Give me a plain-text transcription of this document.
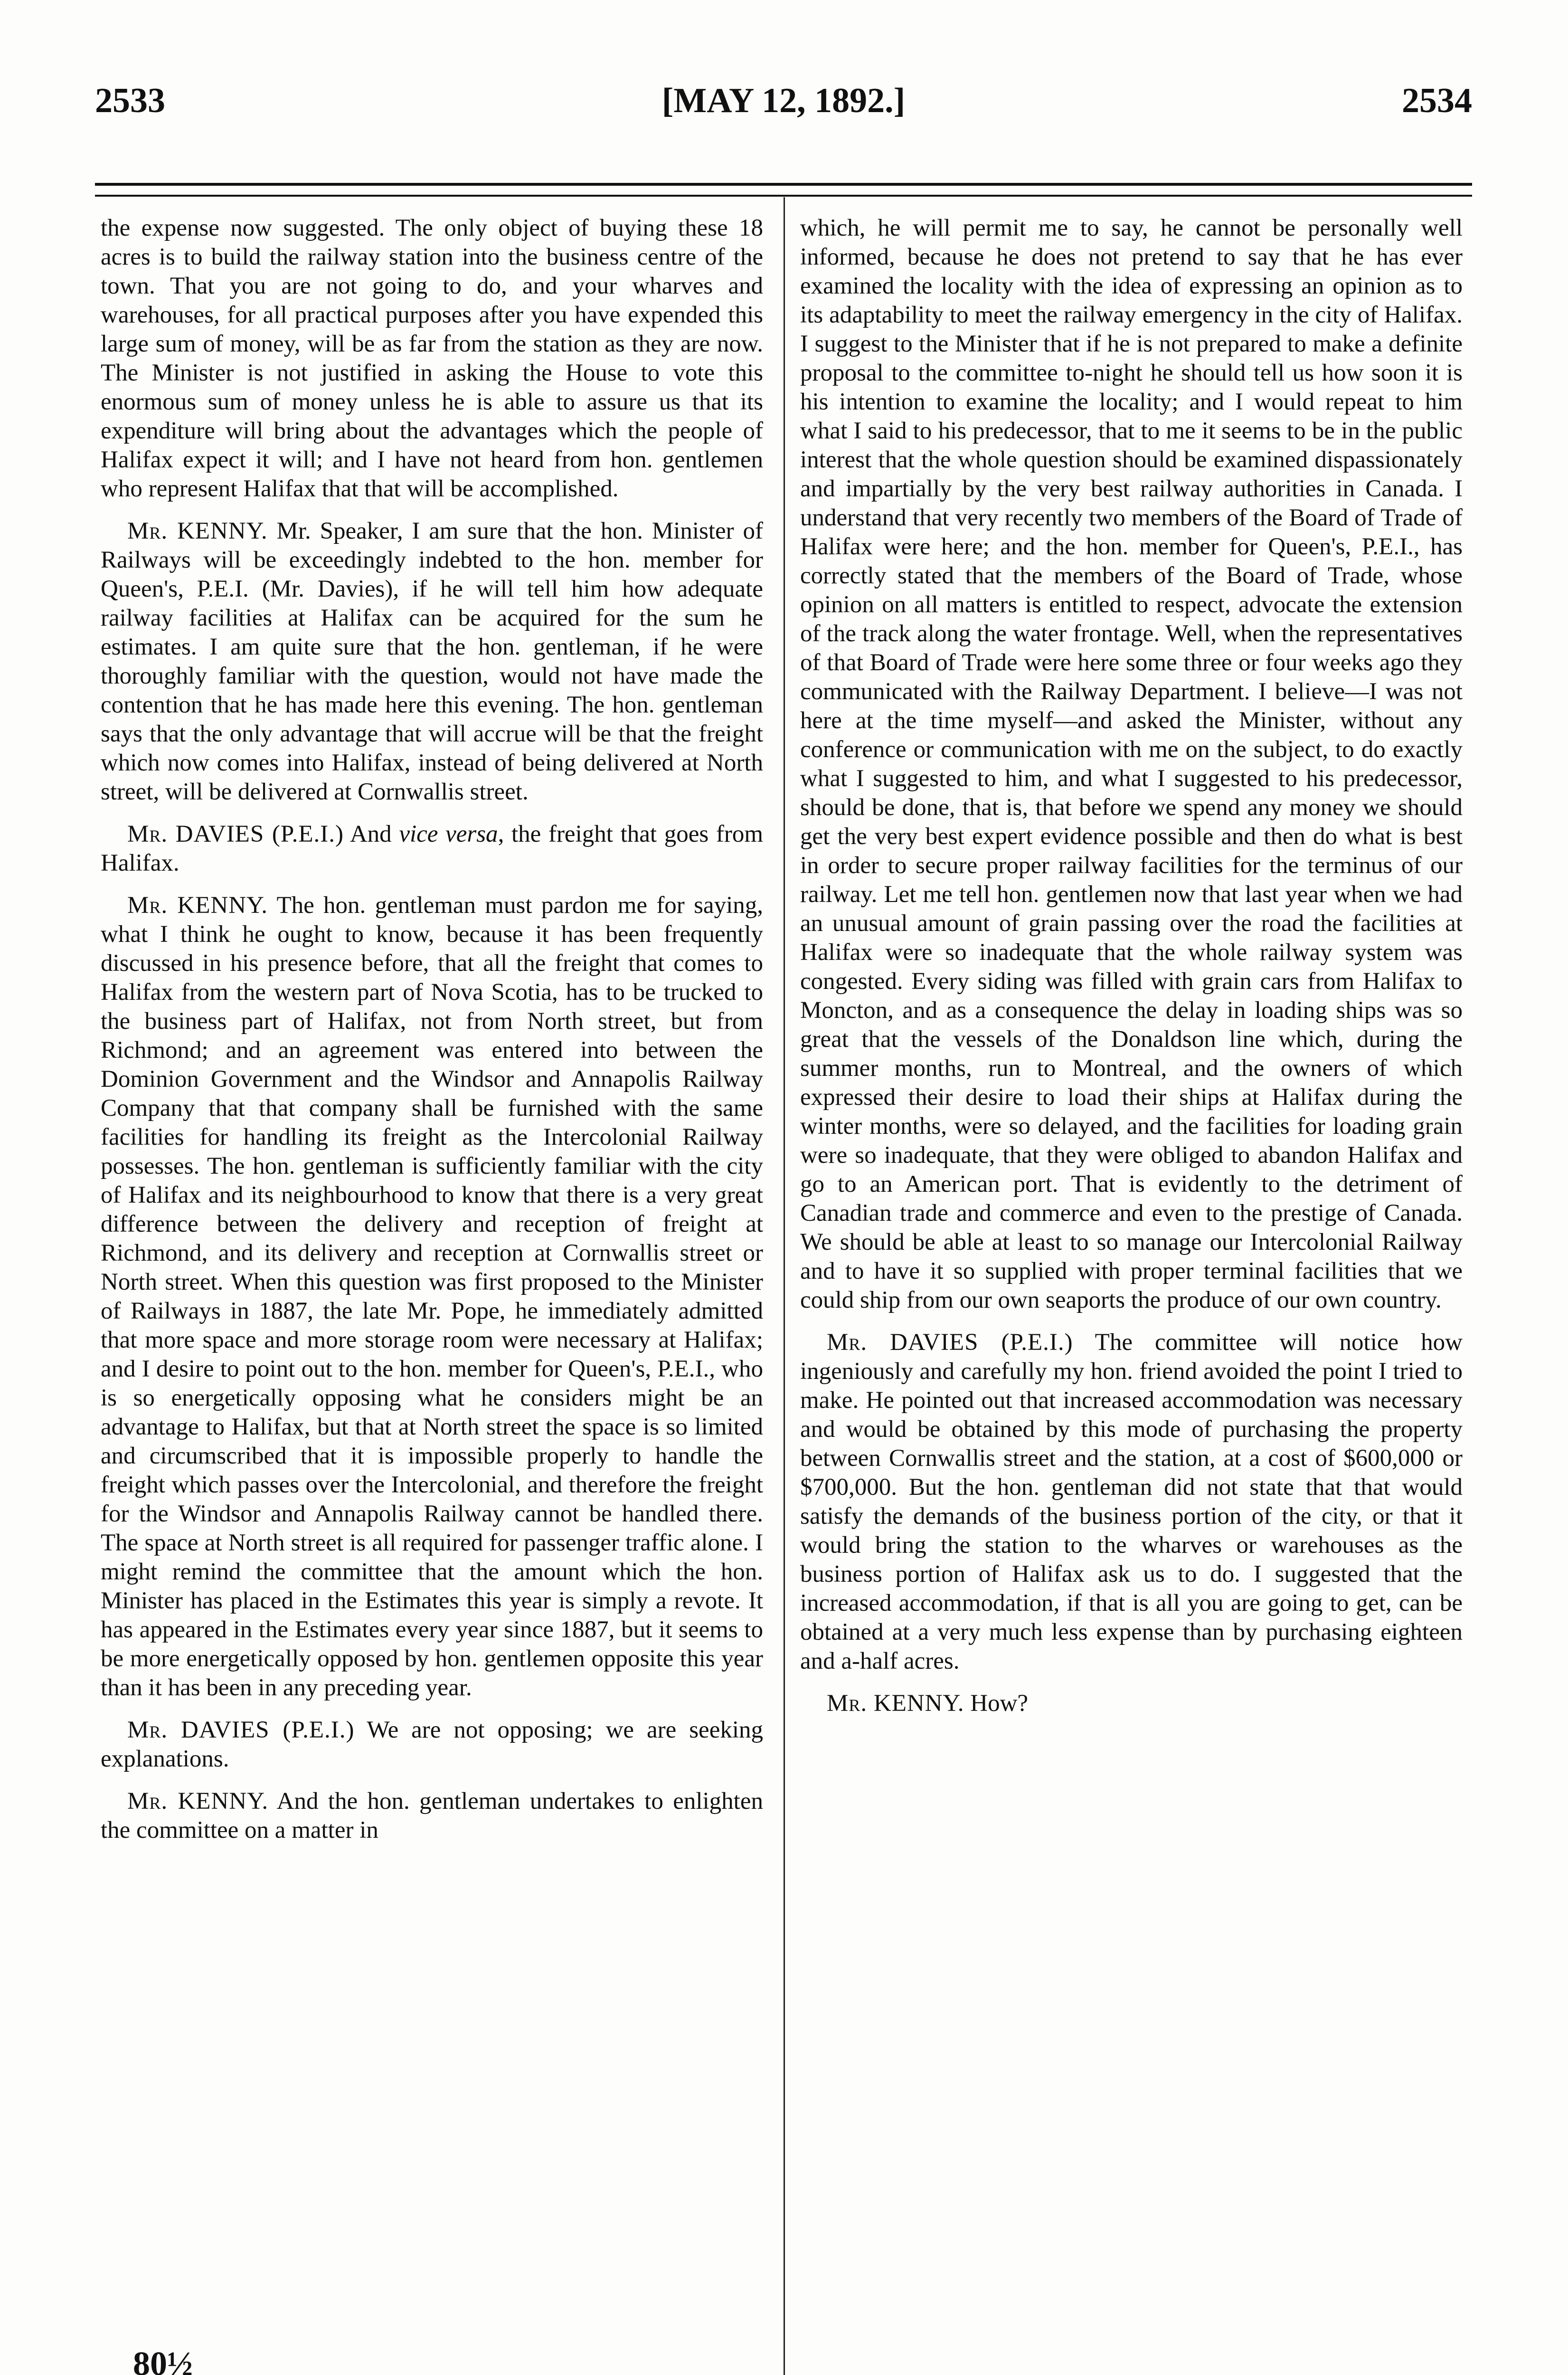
2533	[MAY 12, 1892.]	2534

the expense now suggested. The only object of buying these 18 acres is to build the railway station into the business centre of the town. That you are not going to do, and your wharves and warehouses, for all practical purposes after you have expended this large sum of money, will be as far from the station as they are now. The Minister is not justified in asking the House to vote this enormous sum of money unless he is able to assure us that its expenditure will bring about the advantages which the people of Halifax expect it will; and I have not heard from hon. gentlemen who represent Halifax that that will be accomplished.

Mr. KENNY. Mr. Speaker, I am sure that the hon. Minister of Railways will be exceedingly indebted to the hon. member for Queen's, P.E.I. (Mr. Davies), if he will tell him how adequate railway facilities at Halifax can be acquired for the sum he estimates. I am quite sure that the hon. gentleman, if he were thoroughly familiar with the question, would not have made the contention that he has made here this evening. The hon. gentleman says that the only advantage that will accrue will be that the freight which now comes into Halifax, instead of being delivered at North street, will be delivered at Cornwallis street.

Mr. DAVIES (P.E.I.) And vice versa, the freight that goes from Halifax.

Mr. KENNY. The hon. gentleman must pardon me for saying, what I think he ought to know, because it has been frequently discussed in his presence before, that all the freight that comes to Halifax from the western part of Nova Scotia, has to be trucked to the business part of Halifax, not from North street, but from Richmond; and an agreement was entered into between the Dominion Government and the Windsor and Annapolis Railway Company that that company shall be furnished with the same facilities for handling its freight as the Intercolonial Railway possesses. The hon. gentleman is sufficiently familiar with the city of Halifax and its neighbourhood to know that there is a very great difference between the delivery and reception of freight at Richmond, and its delivery and reception at Cornwallis street or North street. When this question was first proposed to the Minister of Railways in 1887, the late Mr. Pope, he immediately admitted that more space and more storage room were necessary at Halifax; and I desire to point out to the hon. member for Queen's, P.E.I., who is so energetically opposing what he considers might be an advantage to Halifax, but that at North street the space is so limited and circumscribed that it is impossible properly to handle the freight which passes over the Intercolonial, and therefore the freight for the Windsor and Annapolis Railway cannot be handled there. The space at North street is all required for passenger traffic alone. I might remind the committee that the amount which the hon. Minister has placed in the Estimates this year is simply a revote. It has appeared in the Estimates every year since 1887, but it seems to be more energetically opposed by hon. gentlemen opposite this year than it has been in any preceding year.

Mr. DAVIES (P.E.I.) We are not opposing; we are seeking explanations.

Mr. KENNY. And the hon. gentleman undertakes to enlighten the committee on a matter in

which, he will permit me to say, he cannot be personally well informed, because he does not pretend to say that he has ever examined the locality with the idea of expressing an opinion as to its adaptability to meet the railway emergency in the city of Halifax. I suggest to the Minister that if he is not prepared to make a definite proposal to the committee to-night he should tell us how soon it is his intention to examine the locality; and I would repeat to him what I said to his predecessor, that to me it seems to be in the public interest that the whole question should be examined dispassionately and impartially by the very best railway authorities in Canada. I understand that very recently two members of the Board of Trade of Halifax were here; and the hon. member for Queen's, P.E.I., has correctly stated that the members of the Board of Trade, whose opinion on all matters is entitled to respect, advocate the extension of the track along the water frontage. Well, when the representatives of that Board of Trade were here some three or four weeks ago they communicated with the Railway Department. I believe—I was not here at the time myself—and asked the Minister, without any conference or communication with me on the subject, to do exactly what I suggested to him, and what I suggested to his predecessor, should be done, that is, that before we spend any money we should get the very best expert evidence possible and then do what is best in order to secure proper railway facilities for the terminus of our railway. Let me tell hon. gentlemen now that last year when we had an unusual amount of grain passing over the road the facilities at Halifax were so inadequate that the whole railway system was congested. Every siding was filled with grain cars from Halifax to Moncton, and as a consequence the delay in loading ships was so great that the vessels of the Donaldson line which, during the summer months, run to Montreal, and the owners of which expressed their desire to load their ships at Halifax during the winter months, were so delayed, and the facilities for loading grain were so inadequate, that they were obliged to abandon Halifax and go to an American port. That is evidently to the detriment of Canadian trade and commerce and even to the prestige of Canada. We should be able at least to so manage our Intercolonial Railway and to have it so supplied with proper terminal facilities that we could ship from our own seaports the produce of our own country.

Mr. DAVIES (P.E.I.) The committee will notice how ingeniously and carefully my hon. friend avoided the point I tried to make. He pointed out that increased accommodation was necessary and would be obtained by this mode of purchasing the property between Cornwallis street and the station, at a cost of $600,000 or $700,000. But the hon. gentleman did not state that that would satisfy the demands of the business portion of the city, or that it would bring the station to the wharves or warehouses as the business portion of Halifax ask us to do. I suggested that the increased accommodation, if that is all you are going to get, can be obtained at a very much less expense than by purchasing eighteen and a-half acres.

Mr. KENNY. How?

80½
